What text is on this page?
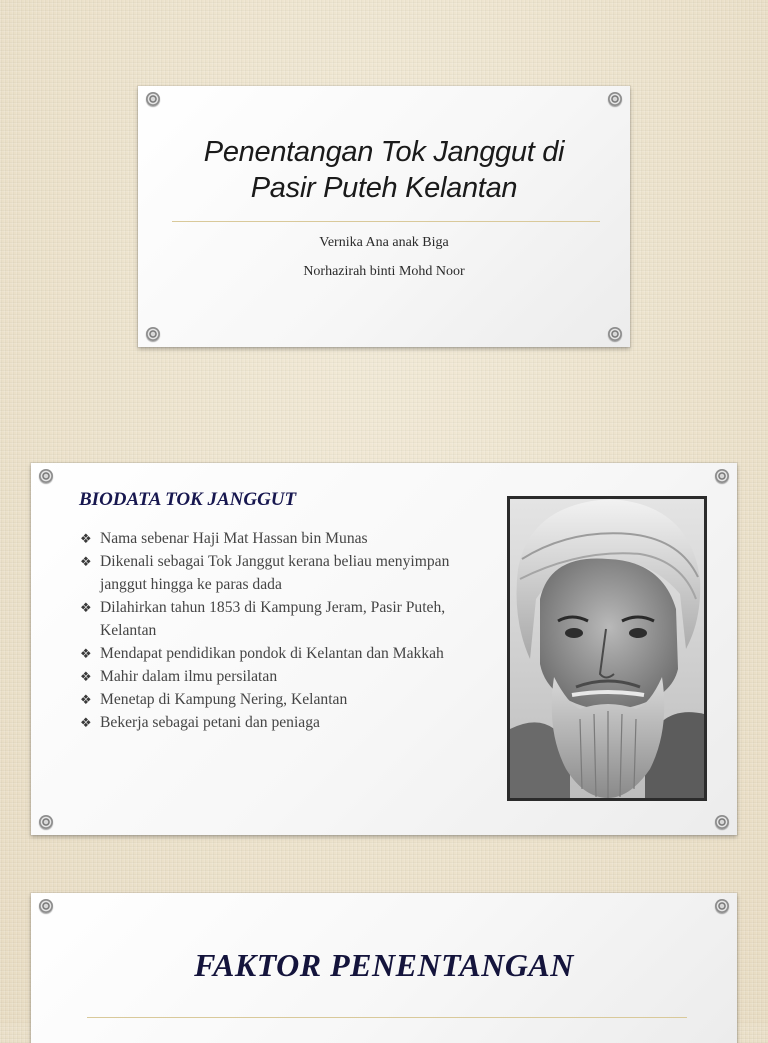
Penentangan Tok Janggut di
Pasir Puteh Kelantan
Vernika Ana anak Biga
Norhazirah binti Mohd Noor
BIODATA TOK JANGGUT
❖ Nama sebenar Haji Mat Hassan bin Munas
❖ Dikenali sebagai Tok Janggut kerana beliau menyimpan janggut hingga ke paras dada
❖ Dilahirkan tahun 1853 di Kampung Jeram, Pasir Puteh, Kelantan
❖ Mendapat pendidikan pondok di Kelantan dan Makkah
❖ Mahir dalam ilmu persilatan
❖ Menetap di Kampung Nering, Kelantan
❖ Bekerja sebagai petani dan peniaga
FAKTOR PENENTANGAN
